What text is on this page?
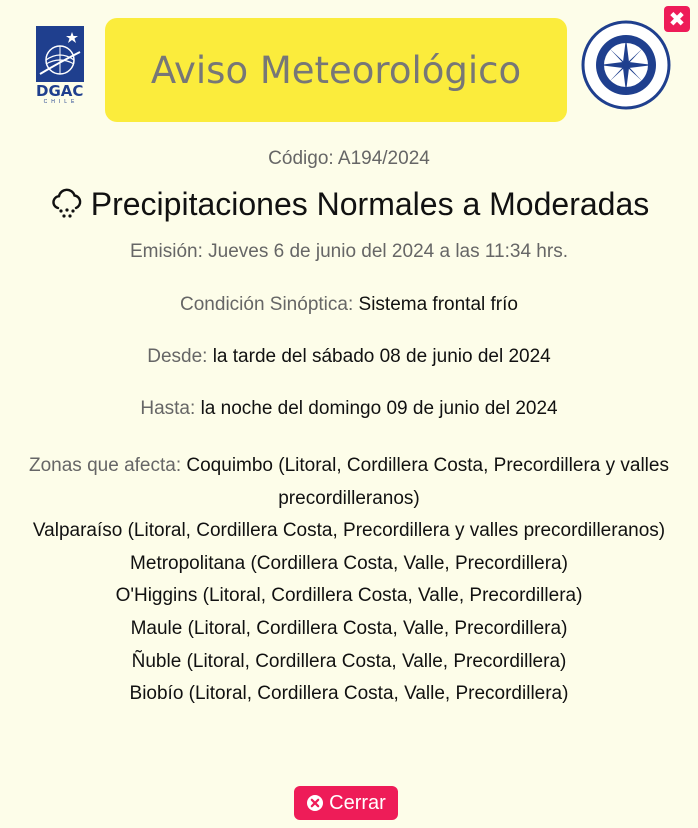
DGAC
CHILE
Aviso Meteorológico
✖
Código: A194/2024
Precipitaciones Normales a Moderadas
Emisión: Jueves 6 de junio del 2024 a las 11:34 hrs.
Condición Sinóptica: Sistema frontal frío
Desde: la tarde del sábado 08 de junio del 2024
Hasta: la noche del domingo 09 de junio del 2024
Zonas que afecta: Coquimbo (Litoral, Cordillera Costa, Precordillera y valles precordilleranos)
Valparaíso (Litoral, Cordillera Costa, Precordillera y valles precordilleranos)
Metropolitana (Cordillera Costa, Valle, Precordillera)
O'Higgins (Litoral, Cordillera Costa, Valle, Precordillera)
Maule (Litoral, Cordillera Costa, Valle, Precordillera)
Ñuble (Litoral, Cordillera Costa, Valle, Precordillera)
Biobío (Litoral, Cordillera Costa, Valle, Precordillera)
Cerrar
